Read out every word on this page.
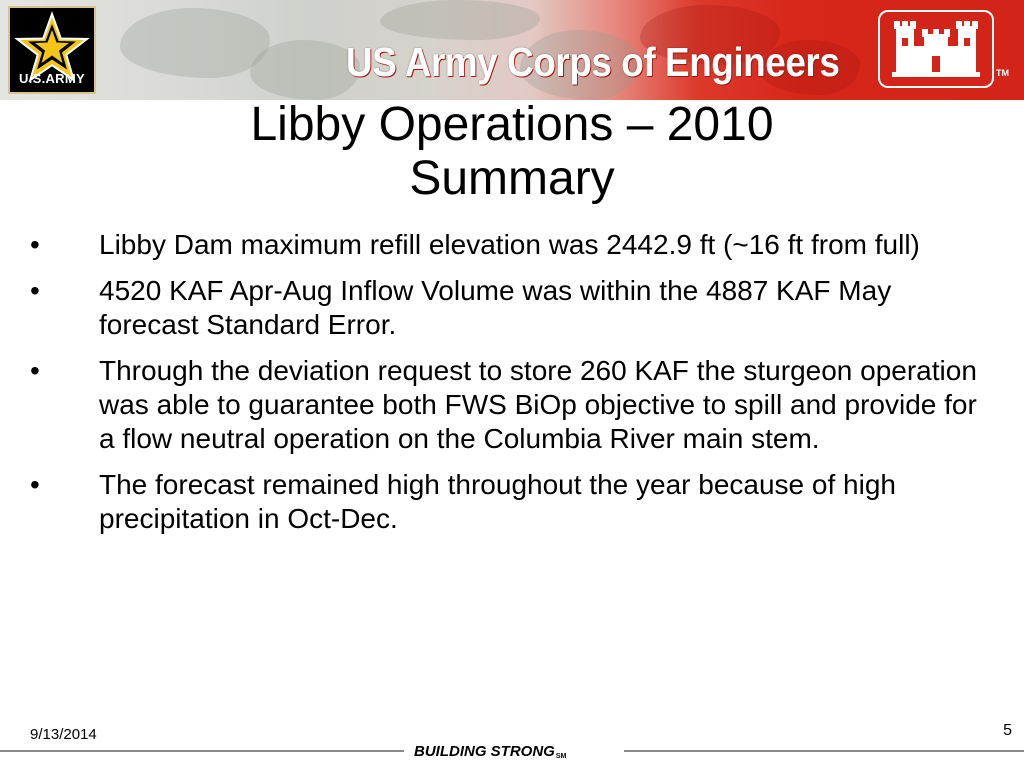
U.S.ARMY	US Army Corps of Engineers	TM
Libby Operations – 2010
Summary
• Libby Dam maximum refill elevation was 2442.9 ft (~16 ft from full)
• 4520 KAF Apr-Aug Inflow Volume was within the 4887 KAF May forecast Standard Error.
• Through the deviation request to store 260 KAF the sturgeon operation was able to guarantee both FWS BiOp objective to spill and provide for a flow neutral operation on the Columbia River main stem.
• The forecast remained high throughout the year because of high precipitation in Oct-Dec.
9/13/2014	5
BUILDING STRONG℠
